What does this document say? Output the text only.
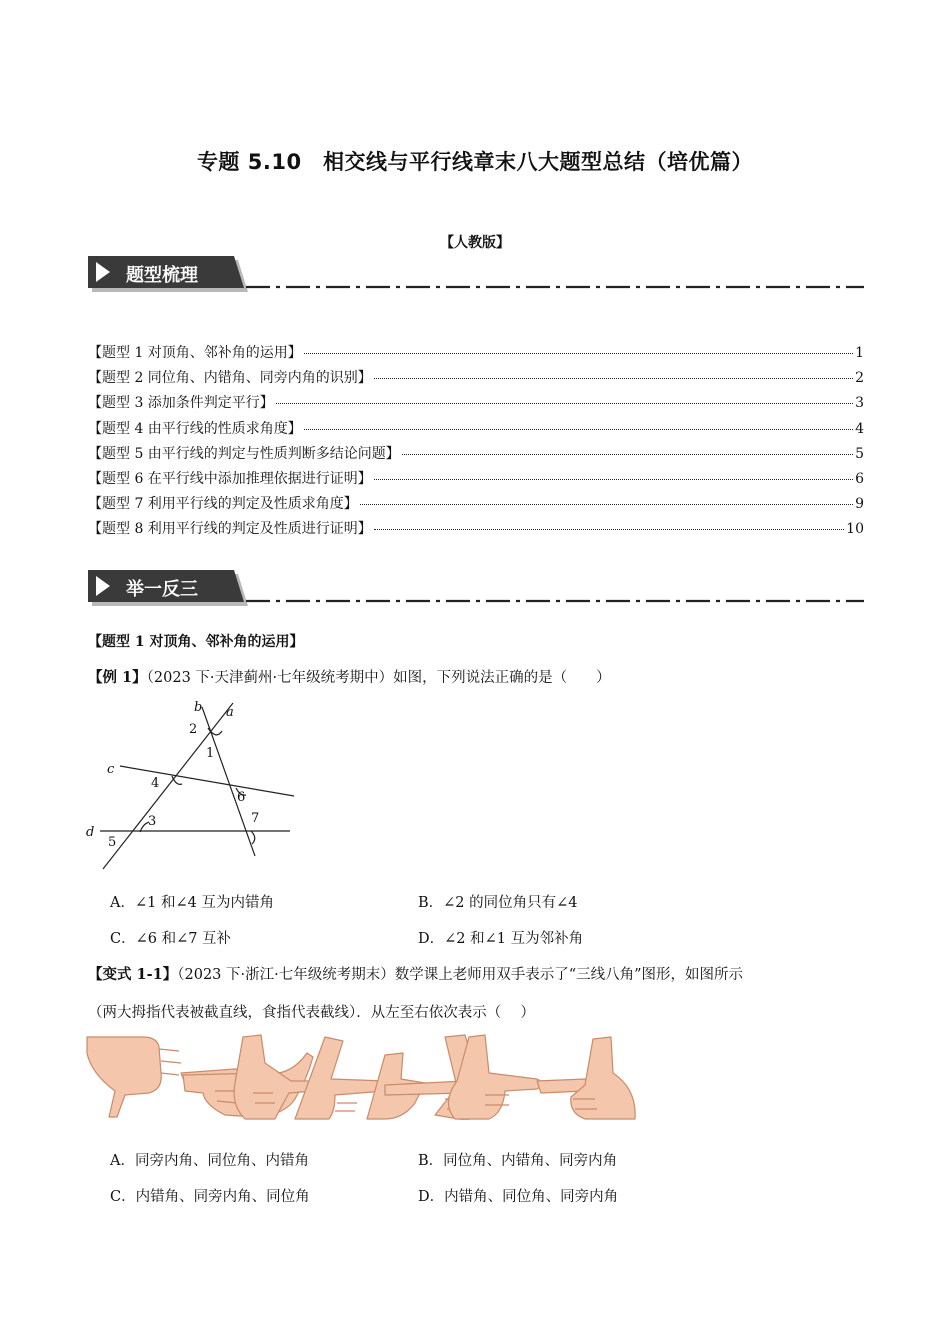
专题 5.10　相交线与平行线章末八大题型总结（培优篇）
【人教版】
题型梳理
【题型 1 对顶角、邻补角的运用】	1
【题型 2 同位角、内错角、同旁内角的识别】	2
【题型 3 添加条件判定平行】	3
【题型 4 由平行线的性质求角度】	4
【题型 5 由平行线的判定与性质判断多结论问题】	5
【题型 6 在平行线中添加推理依据进行证明】	6
【题型 7 利用平行线的判定及性质求角度】	9
【题型 8 利用平行线的判定及性质进行证明】	10
举一反三
【题型 1 对顶角、邻补角的运用】
【例 1】（2023 下·天津蓟州·七年级统考期中）如图，下列说法正确的是（　　）
a
b
c
d
1
2
3
4
5
6
7
A．∠1 和∠4 互为内错角	B．∠2 的同位角只有∠4
C．∠6 和∠7 互补	D．∠2 和∠1 互为邻补角
【变式 1-1】（2023 下·浙江·七年级统考期末）数学课上老师用双手表示了“三线八角”图形，如图所示
（两大拇指代表被截直线，食指代表截线）．从左至右依次表示（　 ）
A．同旁内角、同位角、内错角	B．同位角、内错角、同旁内角
C．内错角、同旁内角、同位角	D．内错角、同位角、同旁内角
